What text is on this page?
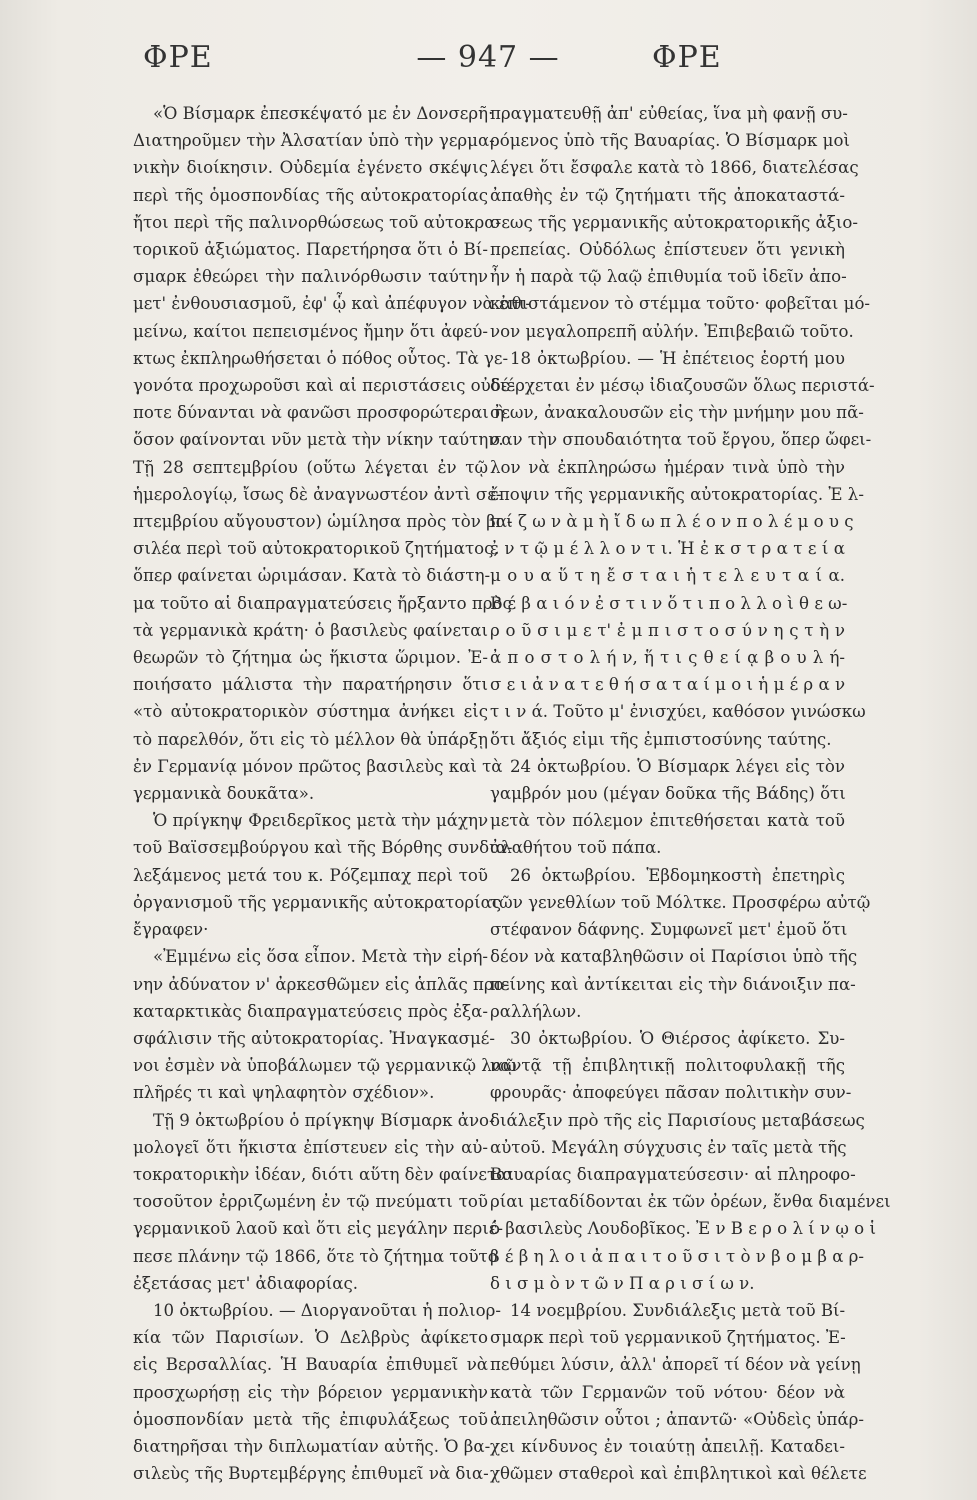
ΦΡΕ	— 947 —	ΦΡΕ
«Ὁ Βίσμαρκ ἐπεσκέψατό με ἐν Δονσερῆ·
Διατηροῦμεν τὴν Ἀλσατίαν ὑπὸ τὴν γερμα-
νικὴν διοίκησιν. Οὐδεμία ἐγένετο σκέψις
περὶ τῆς ὁμοσπονδίας τῆς αὐτοκρατορίας
ἤτοι περὶ τῆς παλινορθώσεως τοῦ αὐτοκρα-
τορικοῦ ἀξιώματος. Παρετήρησα ὅτι ὁ Βί-
σμαρκ ἐθεώρει τὴν παλινόρθωσιν ταύτην
μετ' ἐνθουσιασμοῦ, ἐφ' ᾧ καὶ ἀπέφυγον νὰ ἐπι-
μείνω, καίτοι πεπεισμένος ἤμην ὅτι ἀφεύ-
κτως ἐκπληρωθήσεται ὁ πόθος οὗτος. Τὰ γε-
γονότα προχωροῦσι καὶ αἱ περιστάσεις οὐδέ-
ποτε δύνανται νὰ φανῶσι προσφορώτεραι ἢ
ὅσον φαίνονται νῦν μετὰ τὴν νίκην ταύτην.
Τῇ 28 σεπτεμβρίου (οὕτω λέγεται ἐν τῷ
ἡμερολογίῳ, ἴσως δὲ ἀναγνωστέον ἀντὶ σε-
πτεμβρίου αὔγουστον) ὡμίλησα πρὸς τὸν βα-
σιλέα περὶ τοῦ αὐτοκρατορικοῦ ζητήματος,
ὅπερ φαίνεται ὡριμάσαν. Κατὰ τὸ διάστη-
μα τοῦτο αἱ διαπραγματεύσεις ἤρξαντο πρὸς
τὰ γερμανικὰ κράτη· ὁ βασιλεὺς φαίνεται
θεωρῶν τὸ ζήτημα ὡς ἥκιστα ὥριμον. Ἐ-
ποιήσατο μάλιστα τὴν παρατήρησιν ὅτι
«τὸ αὐτοκρατορικὸν σύστημα ἀνήκει εἰς
τὸ παρελθόν, ὅτι εἰς τὸ μέλλον θὰ ὑπάρξῃ
ἐν Γερμανίᾳ μόνον πρῶτος βασιλεὺς καὶ τὰ
γερμανικὰ δουκᾶτα».
Ὁ πρίγκηψ Φρειδερῖκος μετὰ τὴν μάχην
τοῦ Βαϊσσεμβούργου καὶ τῆς Βόρθης συνδια-
λεξάμενος μετά του κ. Ρόζεμπαχ περὶ τοῦ
ὀργανισμοῦ τῆς γερμανικῆς αὐτοκρατορίας
ἔγραφεν·
«Ἐμμένω εἰς ὅσα εἶπον. Μετὰ τὴν εἰρή-
νην ἀδύνατον ν' ἀρκεσθῶμεν εἰς ἁπλᾶς προ-
καταρκτικὰς διαπραγματεύσεις πρὸς ἐξα-
σφάλισιν τῆς αὐτοκρατορίας. Ἠναγκασμέ-
νοι ἐσμὲν νὰ ὑποβάλωμεν τῷ γερμανικῷ λαῷ
πλῆρές τι καὶ ψηλαφητὸν σχέδιον».
Τῇ 9 ὀκτωβρίου ὁ πρίγκηψ Βίσμαρκ ἀνο-
μολογεῖ ὅτι ἥκιστα ἐπίστευεν εἰς τὴν αὐ-
τοκρατορικὴν ἰδέαν, διότι αὕτη δὲν φαίνεται
τοσοῦτον ἐρριζωμένη ἐν τῷ πνεύματι τοῦ
γερμανικοῦ λαοῦ καὶ ὅτι εἰς μεγάλην περιέ-
πεσε πλάνην τῷ 1866, ὅτε τὸ ζήτημα τοῦτο
ἐξετάσας μετ' ἀδιαφορίας.
10 ὀκτωβρίου. — Διοργανοῦται ἡ πολιορ-
κία τῶν Παρισίων. Ὁ Δελβρὺς ἀφίκετο
εἰς Βερσαλλίας. Ἡ Βαυαρία ἐπιθυμεῖ νὰ
προσχωρήσῃ εἰς τὴν βόρειον γερμανικὴν
ὁμοσπονδίαν μετὰ τῆς ἐπιφυλάξεως τοῦ
διατηρῆσαι τὴν διπλωματίαν αὐτῆς. Ὁ βα-
σιλεὺς τῆς Βυρτεμβέργης ἐπιθυμεῖ νὰ δια-
πραγματευθῇ ἀπ' εὐθείας, ἵνα μὴ φανῇ συ-
ρόμενος ὑπὸ τῆς Βαυαρίας. Ὁ Βίσμαρκ μοὶ
λέγει ὅτι ἔσφαλε κατὰ τὸ 1866, διατελέσας
ἀπαθὴς ἐν τῷ ζητήματι τῆς ἀποκαταστά-
σεως τῆς γερμανικῆς αὐτοκρατορικῆς ἀξιο-
πρεπείας. Οὐδόλως ἐπίστευεν ὅτι γενικὴ
ἦν ἡ παρὰ τῷ λαῷ ἐπιθυμία τοῦ ἰδεῖν ἀπο-
καθιστάμενον τὸ στέμμα τοῦτο· φοβεῖται μό-
νον μεγαλοπρεπῆ αὐλήν. Ἐπιβεβαιῶ τοῦτο.
18 ὀκτωβρίου. — Ἡ ἐπέτειος ἑορτή μου
διέρχεται ἐν μέσῳ ἰδιαζουσῶν ὅλως περιστά-
σεων, ἀνακαλουσῶν εἰς τὴν μνήμην μου πᾶ-
σαν τὴν σπουδαιότητα τοῦ ἔργου, ὅπερ ὤφει-
λον νὰ ἐκπληρώσω ἡμέραν τινὰ ὑπὸ τὴν
ἔποψιν τῆς γερμανικῆς αὐτοκρατορίας. Ἐ λ-
π ί ζ ω ν ὰ μ ὴ ἴ δ ω π λ έ ο ν π ο λ έ μ ο υ ς
ἐ ν τ ῷ μ έ λ λ ο ν τ ι. Ἡ ἐ κ σ τ ρ α τ ε ί α
μ ο υ α ὕ τ η ἔ σ τ α ι ἡ τ ε λ ε υ τ α ί α.
Β έ β α ι ό ν ἐ σ τ ι ν ὅ τ ι π ο λ λ ο ὶ θ ε ω-
ρ ο ῦ σ ι μ ε τ' ἐ μ π ι σ τ ο σ ύ ν η ς τ ὴ ν
ἀ π ο σ τ ο λ ή ν, ἥ τ ι ς θ ε ί ᾳ β ο υ λ ή-
σ ε ι ἀ ν α τ ε θ ή σ α τ α ί μ ο ι ἡ μ έ ρ α ν
τ ι ν ά. Τοῦτο μ' ἐνισχύει, καθόσον γινώσκω
ὅτι ἄξιός εἰμι τῆς ἐμπιστοσύνης ταύτης.
24 ὀκτωβρίου. Ὁ Βίσμαρκ λέγει εἰς τὸν
γαμβρόν μου (μέγαν δοῦκα τῆς Βάδης) ὅτι
μετὰ τὸν πόλεμον ἐπιτεθήσεται κατὰ τοῦ
ἀλαθήτου τοῦ πάπα.
26 ὀκτωβρίου. Ἑβδομηκοστὴ ἐπετηρὶς
τῶν γενεθλίων τοῦ Μόλτκε. Προσφέρω αὐτῷ
στέφανον δάφνης. Συμφωνεῖ μετ' ἐμοῦ ὅτι
δέον νὰ καταβληθῶσιν οἱ Παρίσιοι ὑπὸ τῆς
πείνης καὶ ἀντίκειται εἰς τὴν διάνοιξιν πα-
ραλλήλων.
30 ὀκτωβρίου. Ὁ Θιέρσος ἀφίκετο. Συ-
ναντᾷ τῇ ἐπιβλητικῇ πολιτοφυλακῇ τῆς
φρουρᾶς· ἀποφεύγει πᾶσαν πολιτικὴν συν-
διάλεξιν πρὸ τῆς εἰς Παρισίους μεταβάσεως
αὐτοῦ. Μεγάλη σύγχυσις ἐν ταῖς μετὰ τῆς
Βαυαρίας διαπραγματεύσεσιν· αἱ πληροφο-
ρίαι μεταδίδονται ἐκ τῶν ὀρέων, ἔνθα διαμένει
ὁ βασιλεὺς Λουδοβῖκος. Ἐ ν Β ε ρ ο λ ί ν ῳ ο ἱ
β έ β η λ ο ι ἀ π α ι τ ο ῦ σ ι τ ὸ ν β ο μ β α ρ-
δ ι σ μ ὸ ν τ ῶ ν Π α ρ ι σ ί ω ν.
14 νοεμβρίου. Συνδιάλεξις μετὰ τοῦ Βί-
σμαρκ περὶ τοῦ γερμανικοῦ ζητήματος. Ἐ-
πεθύμει λύσιν, ἀλλ' ἀπορεῖ τί δέον νὰ γείνῃ
κατὰ τῶν Γερμανῶν τοῦ νότου· δέον νὰ
ἀπειληθῶσιν οὗτοι ; ἀπαντῶ· «Οὐδεὶς ὑπάρ-
χει κίνδυνος ἐν τοιαύτῃ ἀπειλῇ. Καταδει-
χθῶμεν σταθεροὶ καὶ ἐπιβλητικοὶ καὶ θέλετε
